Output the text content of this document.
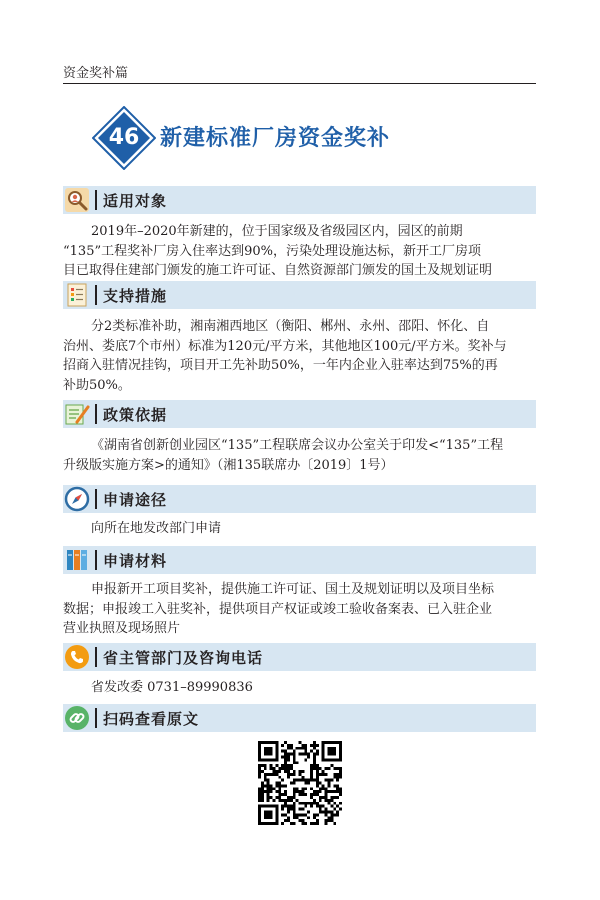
资金奖补篇
46 新建标准厂房资金奖补
适用对象
2019年–2020年新建的，位于国家级及省级园区内，园区的前期
“135”工程奖补厂房入住率达到90%，污染处理设施达标，新开工厂房项
目已取得住建部门颁发的施工许可证、自然资源部门颁发的国土及规划证明
支持措施
分2类标准补助，湘南湘西地区（衡阳、郴州、永州、邵阳、怀化、自
治州、娄底7个市州）标准为120元/平方米，其他地区100元/平方米。奖补与
招商入驻情况挂钩，项目开工先补助50%，一年内企业入驻率达到75%的再
补助50%。
政策依据
《湖南省创新创业园区“135”工程联席会议办公室关于印发<“135”工程
升级版实施方案>的通知》（湘135联席办〔2019〕1号）
申请途径
向所在地发改部门申请
申请材料
申报新开工项目奖补，提供施工许可证、国土及规划证明以及项目坐标
数据；申报竣工入驻奖补，提供项目产权证或竣工验收备案表、已入驻企业
营业执照及现场照片
省主管部门及咨询电话
省发改委 0731–89990836
扫码查看原文
